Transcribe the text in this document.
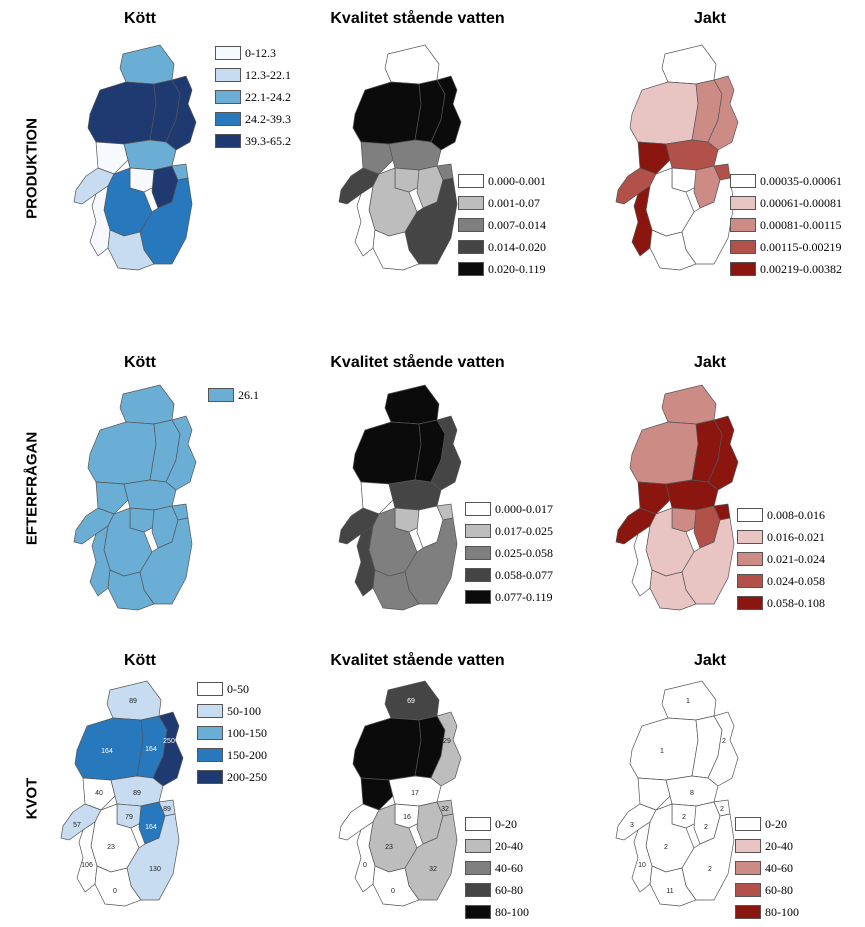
PRODUKTION
EFTERFRÅGAN
KVOT
Kött	Kvalitet stående vatten	Jakt
Kött	Kvalitet stående vatten	Jakt
Kött	Kvalitet stående vatten	Jakt
89
164	164
250
40	89
57
79
164
89
23
130
106
0
69
29
17
16
32
23
32
0
0
1
1
2
8
3
2
2
2
2
2
10
11
0-12.3
12.3-22.1
22.1-24.2
24.2-39.3
39.3-65.2
0.000-0.001
0.001-0.07
0.007-0.014
0.014-0.020
0.020-0.119
0.00035-0.00061
0.00061-0.00081
0.00081-0.00115
0.00115-0.00219
0.00219-0.00382
26.1
0.000-0.017
0.017-0.025
0.025-0.058
0.058-0.077
0.077-0.119
0.008-0.016
0.016-0.021
0.021-0.024
0.024-0.058
0.058-0.108
0-50
50-100
100-150
150-200
200-250
0-20
20-40
40-60
60-80
80-100
0-20
20-40
40-60
60-80
80-100
